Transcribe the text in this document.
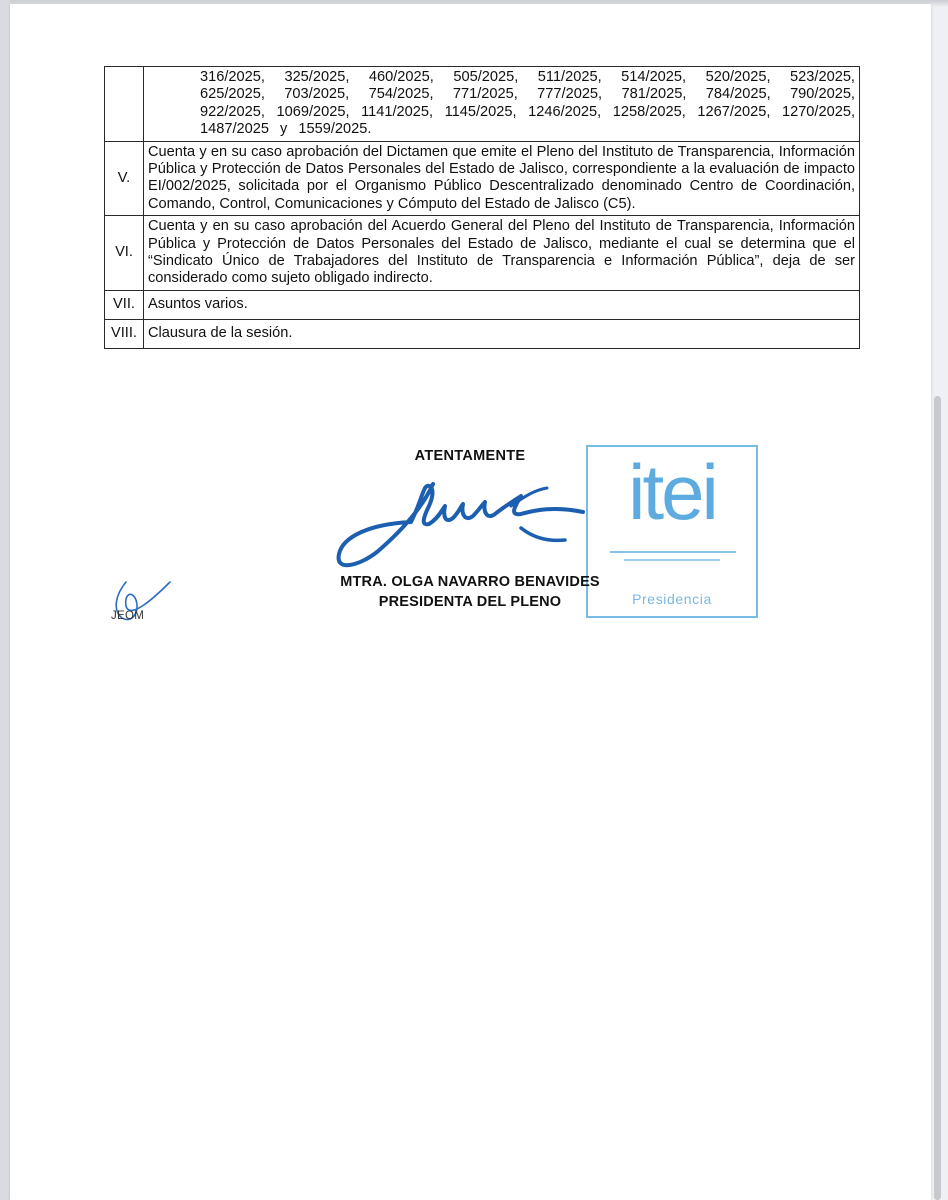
	316/2025, 325/2025, 460/2025, 505/2025, 511/2025, 514/2025, 520/2025, 523/2025, 625/2025, 703/2025, 754/2025, 771/2025, 777/2025, 781/2025, 784/2025, 790/2025, 922/2025, 1069/2025, 1141/2025, 1145/2025, 1246/2025, 1258/2025, 1267/2025, 1270/2025, 1487/2025 y 1559/2025.

V.	Cuenta y en su caso aprobación del Dictamen que emite el Pleno del Instituto de Transparencia, Información Pública y Protección de Datos Personales del Estado de Jalisco, correspondiente a la evaluación de impacto EI/002/2025, solicitada por el Organismo Público Descentralizado denominado Centro de Coordinación, Comando, Control, Comunicaciones y Cómputo del Estado de Jalisco (C5).
VI.	Cuenta y en su caso aprobación del Acuerdo General del Pleno del Instituto de Transparencia, Información Pública y Protección de Datos Personales del Estado de Jalisco, mediante el cual se determina que el “Sindicato Único de Trabajadores del Instituto de Transparencia e Información Pública”, deja de ser considerado como sujeto obligado indirecto.
VII.	Asuntos varios.
VIII.	Clausura de la sesión.
ATENTAMENTE	itei
Presidencia
MTRA. OLGA NAVARRO BENAVIDES
PRESIDENTA DEL PLENO
JEOM
